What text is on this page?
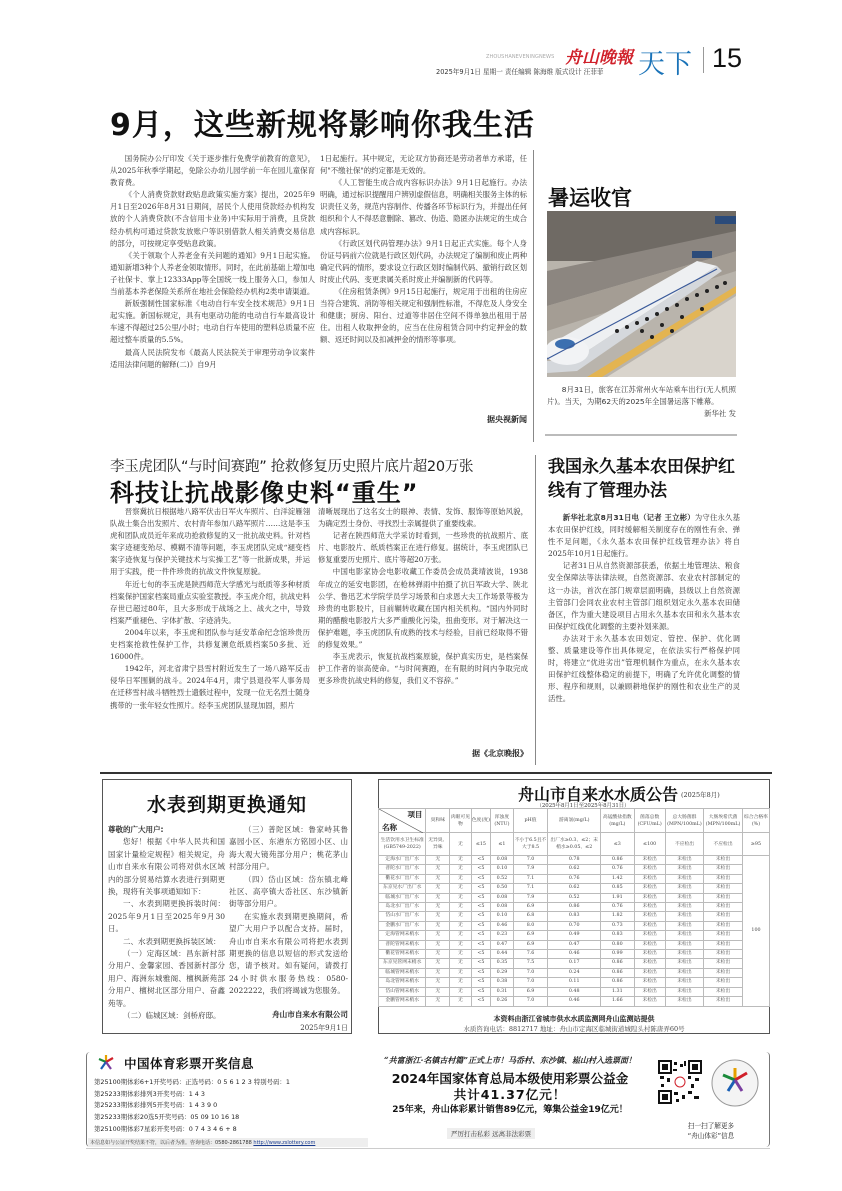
ZHOUSHANEVENINGNEWS 舟山晚報
2025年9月1日 星期一 责任编辑 陈海维 版式设计 汪菲菲 天下 15
9月，这些新规将影响你我生活
国务院办公厅印发《关于逐步推行免费学前教育的意见》，从2025年秋季学期起，免除公办幼儿园学前一年在园儿童保育教育费。
《个人消费贷款财政贴息政策实施方案》提出，2025年9月1日至2026年8月31日期间，居民个人使用贷款经办机构发放的个人消费贷款(不含信用卡业务)中实际用于消费，且贷款经办机构可通过贷款发放账户等识别借款人相关消费交易信息的部分，可按规定享受贴息政策。
《关于领取个人养老金有关问题的通知》9月1日起实施。通知新增3种个人养老金领取情形。同时，在此前基础上增加电子社保卡、掌上12333App等全国统一线上服务入口，参加人当前基本养老保险关系所在地社会保险经办机构2类申请渠道。
新版强制性国家标准《电动自行车安全技术规范》9月1日起实施。新国标规定，具有电驱动功能的电动自行车最高设计车速不得超过25公里/小时；电动自行车使用的塑料总质量不应超过整车质量的5.5%。
最高人民法院发布《最高人民法院关于审理劳动争议案件适用法律问题的解释(二)》自9月
1日起施行。其中规定，无论双方协商还是劳动者单方承诺，任何"不缴社保"的约定都是无效的。
《人工智能生成合成内容标识办法》9月1日起施行。办法明确，通过标识提醒用户辨别虚假信息，明确相关服务主体的标识责任义务，规范内容制作、传播各环节标识行为，并提出任何组织和个人不得恶意删除、篡改、伪造、隐匿办法规定的生成合成内容标识。
《行政区划代码管理办法》9月1日起正式实施。每个人身份证号码前六位就是行政区划代码，办法规定了编制和废止两种确定代码的情形，要求设立行政区划时编制代码、撤销行政区划时废止代码、变更隶属关系时废止并编制新的代码等。
《住房租赁条例》9月15日起施行，规定用于出租的住房应当符合建筑、消防等相关规定和强制性标准，不得危及人身安全和健康；厨房、阳台、过道等非居住空间不得单独出租用于居住。出租人收取押金的，应当在住房租赁合同中约定押金的数额、返还时间以及扣减押金的情形等事项。
据央视新闻
暑运收官
8月31日，旅客在江苏常州火车站乘车出行(无人机照片)。当天，为期62天的2025年全国暑运落下帷幕。
新华社 发
李玉虎团队“与时间赛跑” 抢救修复历史照片底片超20万张
科技让抗战影像史料“重生”
晋察冀抗日根据地八路军伏击日军火车照片、白洋淀雁翎队战士集合出发照片、农村青年参加八路军照片……这是李玉虎和团队成员近年来成功抢救修复的又一批抗战史料。针对档案字迹褪变殆尽、模糊不清等问题，李玉虎团队完成“褪变档案字迹恢复与保护关键技术与实操工艺”等一批新成果，并运用于实践，使一件件珍贵的抗战文件恢复原貌。
年近七旬的李玉虎是陕西师范大学感光与纸质等多种材质档案保护国家档案局重点实验室教授。李玉虎介绍，抗战史料存世已超过80年，且大多形成于战场之上、战火之中，导致档案严重褪色、字体扩散、字迹消失。
2004年以来，李玉虎和团队参与延安革命纪念馆珍贵历史档案抢救性保护工作，共修复濒危纸质档案50多批、近16000件。
1942年，河北省肃宁县雪村附近发生了一场八路军反击侵华日军围剿的战斗。2024年4月，肃宁县退役军人事务局在迁移雪村战斗牺牲烈士遗骸过程中，发现一位无名烈士随身携带的一张年轻女性照片。经李玉虎团队显现加固，照片
清晰展现出了这名女士的眼神、表情、发饰、服饰等原始风貌，为确定烈士身份、寻找烈士亲属提供了重要线索。
记者在陕西师范大学采访时看到，一些珍贵的抗战照片、底片、电影胶片、纸质档案正在进行修复。据统计，李玉虎团队已修复重要历史照片、底片等超20万张。
中国电影家协会电影收藏工作委员会成员龚靖波说，1938年成立的延安电影团，在枪林弹雨中拍摄了抗日军政大学、陕北公学、鲁迅艺术学院学员学习场景和白求恩大夫工作场景等极为珍贵的电影胶片，目前辗转收藏在国内相关机构。“国内外同时期的醋酸电影胶片大多严重酸化污染，扭曲变形。对于解决这一保护难题，李玉虎团队有成熟的技术与经验，目前已经取得不错的修复效果。”
李玉虎表示，恢复抗战档案原貌，保护真实历史，是档案保护工作者的崇高使命。“与时间赛跑，在有限的时间内争取完成更多珍贵抗战史料的修复，我们义不容辞。”
据《北京晚报》
我国永久基本农田保护红线有了管理办法
新华社北京8月31日电（记者 王立彬）为守住永久基本农田保护红线，同时缓解相关制度存在的刚性有余、弹性不足问题，《永久基本农田保护红线管理办法》将自2025年10月1日起施行。
记者31日从自然资源部获悉，依据土地管理法、粮食安全保障法等法律法规，自然资源部、农业农村部制定的这一办法，首次在部门规章层面明确，县级以上自然资源主管部门会同农业农村主管部门组织划定永久基本农田储备区，作为重大建设项目占用永久基本农田和永久基本农田保护红线优化调整的主要补划来源。
办法对于永久基本农田划定、管控、保护、优化调整、质量建设等作出具体规定，在依法实行严格保护同时，将建立“优进劣出”管理机制作为重点，在永久基本农田保护红线整体稳定的前提下，明确了允许优化调整的情形、程序和规则，以兼顾耕地保护的刚性和农业生产的灵活性。
水表到期更换通知
尊敬的广大用户:
您好！根据《中华人民共和国国家计量检定规程》相关规定，舟山市自来水有限公司将对供水区域内的部分贸易结算水表进行到期更换，现将有关事项通知如下：
一、水表到期更换拆装时间：2025年9月1日至2025年9月30日。
二、水表到期更换拆装区域：
（一）定海区域：昌东新村部分用户、金馨家园、香园新村部分用户、海洲东城雅阁、檀枫新苑部分用户、檀树北区部分用户、奋鑫苑等。
（二）临城区域：剑桥府邸。
（三）普陀区域：鲁家峙其鲁嘉园小区、东港东方铭园小区、山海大观大镜苑部分用户；桃花茅山村部分用户。
（四）岱山区域：岱东镇北峰社区、高亭镇大岙社区、东沙镇新街等部分用户。
在实施水表到期更换期间，希望广大用户予以配合支持。届时，舟山市自来水有限公司将把水表到期更换的信息以短信的形式发送给您，请予核对。如有疑问，请拨打24小时供水服务热线：0580-2022222，我们将竭诚为您服务。
舟山市自来水有限公司
2025年9月1日
舟山市自来水水质公告 (2025年8月)
（2025年8月1日至2025年8月31日）
项目
名称
	臭和味	肉眼可见物	色度(度)	浑浊度(NTU)	pH值	游离氯(mg/L)	高锰酸盐指数(mg/L)	菌落总数(CFU/mL)	总大肠菌群(MPN/100mL)	大肠埃希氏菌(MPN/100mL)	综合合格率(%)
生活饮用水卫生标准(GB5749-2022)	无异臭、异味	无	≤15	≤1	不小于6.5且不大于8.5	出厂水≥0.3、≤2；末梢水≥0.05、≤2	≤3	≤100	不应检出	不应检出	≥95
定海水厂出厂水	无	无	<5	0.08	7.0	0.78	0.86	未检出	未检出	未检出	100
普陀水厂出厂水	无	无	<5	0.10	7.9	0.62	0.76	未检出	未检出	未检出
衢花水厂出厂水	无	无	<5	0.52	7.1	0.76	1.42	未检出	未检出	未检出
东京见水厂出厂水	无	无	<5	0.50	7.1	0.62	0.85	未检出	未检出	未检出
临城水厂出厂水	无	无	<5	0.08	7.9	0.52	1.91	未检出	未检出	未检出
岛北水厂出厂水	无	无	<5	0.08	6.9	0.86	0.76	未检出	未检出	未检出
岱山水厂出厂水	无	无	<5	0.10	6.8	0.83	1.82	未检出	未检出	未检出
金鹏水厂出厂水	无	无	<5	0.46	8.0	0.70	0.73	未检出	未检出	未检出
定海管网末梢水	无	无	<5	0.23	6.9	0.49	0.83	未检出	未检出	未检出
普陀管网末梢水	无	无	<5	0.47	6.9	0.47	0.80	未检出	未检出	未检出
衢花管网末梢水	无	无	<5	0.44	7.6	0.46	0.99	未检出	未检出	未检出
东京见管网末梢水	无	无	<5	0.35	7.5	0.17	0.86	未检出	未检出	未检出
临城管网末梢水	无	无	<5	0.29	7.0	0.24	0.86	未检出	未检出	未检出
岛北管网末梢水	无	无	<5	0.38	7.0	0.11	0.86	未检出	未检出	未检出
岱山管网末梢水	无	无	<5	0.31	6.9	0.48	1.31	未检出	未检出	未检出
金鹏管网末梢水	无	无	<5	0.26	7.0	0.46	1.66	未检出	未检出	未检出
本资料由浙江省城市供水水质监测网舟山监测站提供
水质咨询电话：8812717 地址：舟山市定海区临城街道城隍头村陈唐弄60号
中国体育彩票开奖信息
第25100期体彩6+1开奖号码：正选号码：0 5 6 1 2 3 特别号码：1
第25233期体彩排列3开奖号码：1 4 3
第25233期体彩排列5开奖号码：1 4 3 9 0
第25233期体彩20选5开奖号码：05 09 10 16 18
第25100期体彩7星彩开奖号码：0 7 4 3 4 6 + 8
本信息如与公证开奖结果不符，以后者为准。咨询电话：0580-2861788 http://www.zslottery.com
“共富浙江·名镇古村篇”正式上市！马岙村、东沙镇、崧山村入选票面！
2024年国家体育总局本级使用彩票公益金
共计41.37亿元！
25年来，舟山体彩累计销售89亿元，筹集公益金19亿元！
严厉打击私彩 远离非法彩票
扫一扫了解更多
“舟山体彩”信息
